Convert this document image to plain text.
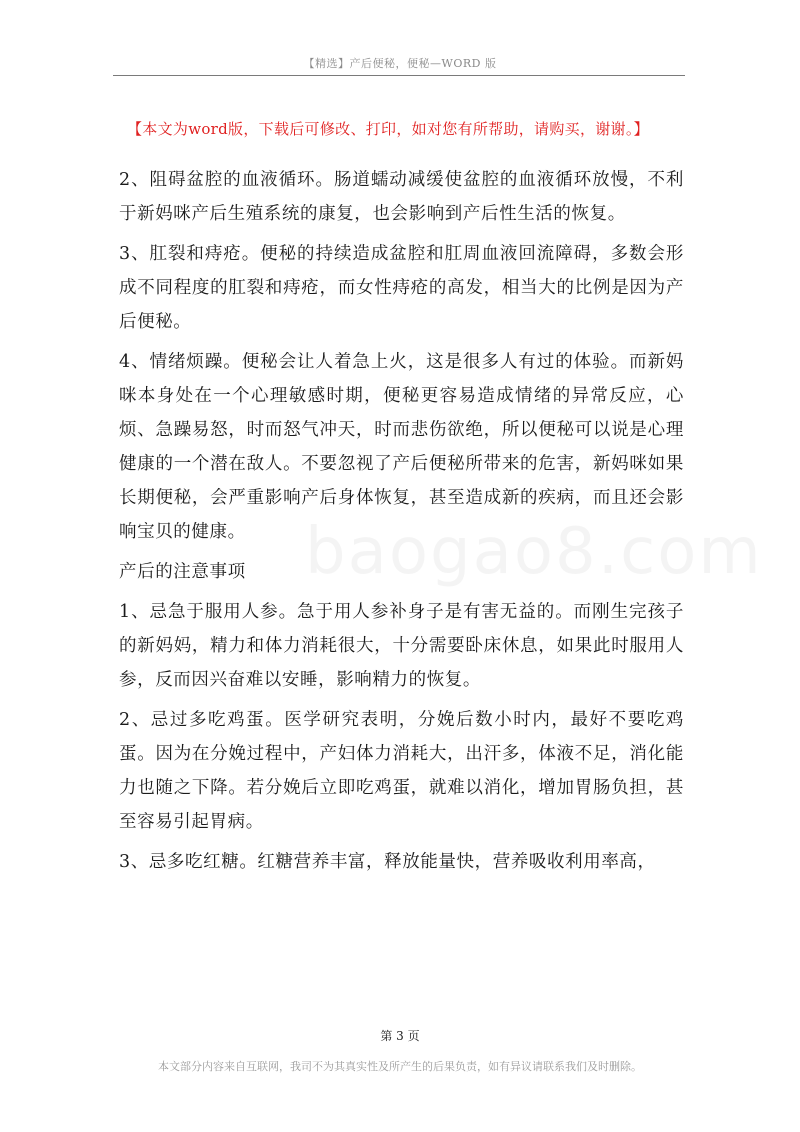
【精选】产后便秘，便秘—WORD 版
【本文为word版，下载后可修改、打印，如对您有所帮助，请购买，谢谢。】

2、阻碍盆腔的血液循环。肠道蠕动减缓使盆腔的血液循环放慢，不利于新妈咪产后生殖系统的康复，也会影响到产后性生活的恢复。

3、肛裂和痔疮。便秘的持续造成盆腔和肛周血液回流障碍，多数会形成不同程度的肛裂和痔疮，而女性痔疮的高发，相当大的比例是因为产后便秘。

4、情绪烦躁。便秘会让人着急上火，这是很多人有过的体验。而新妈咪本身处在一个心理敏感时期，便秘更容易造成情绪的异常反应，心烦、急躁易怒，时而怒气冲天，时而悲伤欲绝，所以便秘可以说是心理健康的一个潜在敌人。不要忽视了产后便秘所带来的危害，新妈咪如果长期便秘，会严重影响产后身体恢复，甚至造成新的疾病，而且还会影响宝贝的健康。

产后的注意事项

1、忌急于服用人参。急于用人参补身子是有害无益的。而刚生完孩子的新妈妈，精力和体力消耗很大，十分需要卧床休息，如果此时服用人参，反而因兴奋难以安睡，影响精力的恢复。

2、忌过多吃鸡蛋。医学研究表明，分娩后数小时内，最好不要吃鸡蛋。因为在分娩过程中，产妇体力消耗大，出汗多，体液不足，消化能力也随之下降。若分娩后立即吃鸡蛋，就难以消化，增加胃肠负担，甚至容易引起胃病。

3、忌多吃红糖。红糖营养丰富，释放能量快，营养吸收利用率高，

第 3 页
本文部分内容来自互联网，我司不为其真实性及所产生的后果负责，如有异议请联系我们及时删除。
